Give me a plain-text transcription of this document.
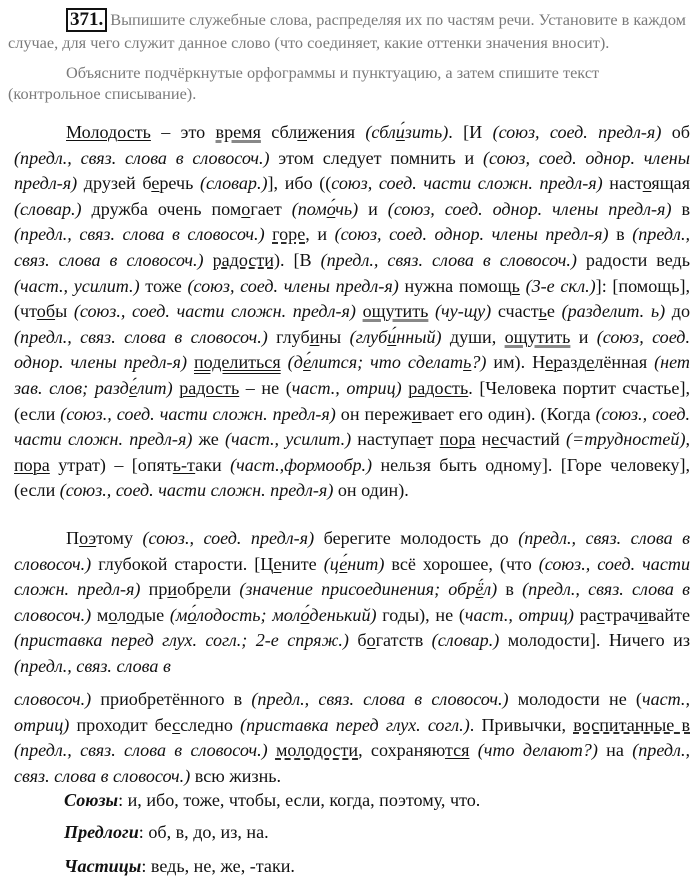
371. Выпишите служебные слова, распределяя их по частям речи. Установите в каждом случае, для чего служит данное слово (что соединяет, какие оттенки значения вносит).

Объясните подчёркнутые орфограммы и пунктуацию, а затем спишите текст (контрольное списывание).

Молодость – это время сближения (сбли́зить). [И (союз, соед. предл-я) об (предл., связ. слова в словосоч.) этом следует помнить и (союз, соед. однор. члены предл-я) друзей беречь (словар.)], ибо ((союз, соед. части сложн. предл-я) настоящая (словар.) дружба очень помогает (помо́чь) и (союз, соед. однор. члены предл-я) в (предл., связ. слова в словосоч.) горе, и (союз, соед. однор. члены предл-я) в (предл., связ. слова в словосоч.) радости). [В (предл., связ. слова в словосоч.) радости ведь (част., усилит.) тоже (союз, соед. члены предл-я) нужна помощь (3-е скл.)]: [помощь], (чтобы (союз., соед. части сложн. предл-я) ощутить (чу-щу) счастье (разделит. ь) до (предл., связ. слова в словосоч.) глубины (глуби́нный) души, ощутить и (союз, соед. однор. члены предл-я) поделиться (де́лится; что сделать?) им). Неразделённая (нет зав. слов; разде́лит) радость – не (част., отриц) радость. [Человека портит счастье], (если (союз., соед. части сложн. предл-я) он переживает его один). (Когда (союз., соед. части сложн. предл-я) же (част., усилит.) наступает пора несчастий (=трудностей), пора утрат) – [опять-таки (част.,формообр.) нельзя быть одному]. [Горе человеку], (если (союз., соед. части сложн. предл-я) он один).

Поэтому (союз., соед. предл-я) берегите молодость до (предл., связ. слова в словосоч.) глубокой старости. [Цените (це́нит) всё хорошее, (что (союз., соед. части сложн. предл-я) приобрели (значение присоединения; обрё́л) в (предл., связ. слова в словосоч.) молодые (мо́лодость; моло́денький) годы), не (част., отриц) растрачивайте (приставка перед глух. согл.; 2-е спряж.) богатств (словар.) молодости]. Ничего из (предл., связ. слова в

словосоч.) приобретённого в (предл., связ. слова в словосоч.) молодости не (част., отриц) проходит бесследно (приставка перед глух. согл.). Привычки, воспитанные в (предл., связ. слова в словосоч.) молодости, сохраняются (что делают?) на (предл., связ. слова в словосоч.) всю жизнь.

Союзы: и, ибо, тоже, чтобы, если, когда, поэтому, что.
Предлоги: об, в, до, из, на.
Частицы: ведь, не, же, -таки.
